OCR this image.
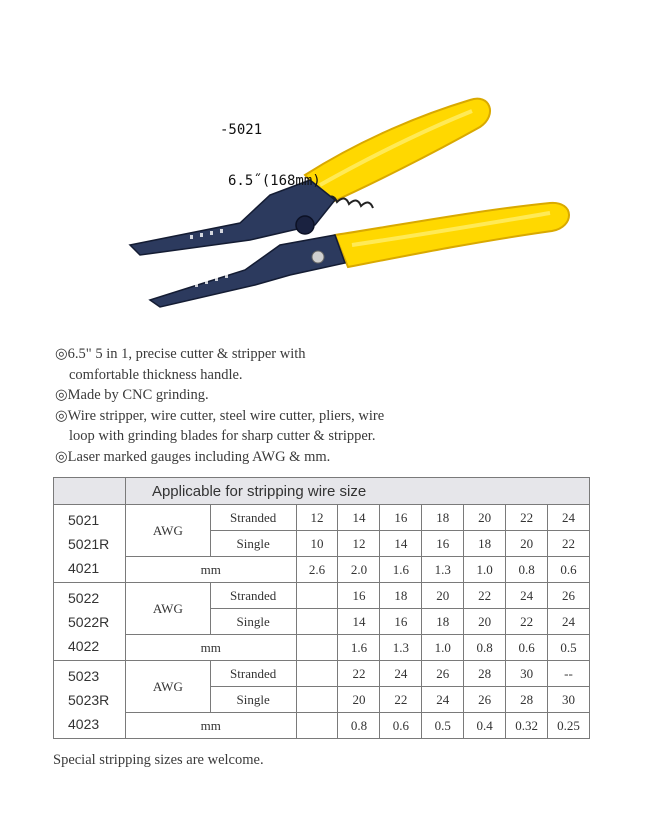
-5021

6.5˝(168mm)

◎6.5" 5 in 1, precise cutter & stripper with
comfortable thickness handle.
◎Made by CNC grinding.
◎Wire stripper, wire cutter, steel wire cutter, pliers, wire
loop with grinding blades for sharp cutter & stripper.
◎Laser marked gauges including AWG & mm.
	Applicable for stripping wire size								

5021
5021R
4021	AWG	Stranded	12	14	16	18	20	22	24
		Single	10	12	14	16	18	20	22
	mm		2.6	2.0	1.6	1.3	1.0	0.8	0.6

5022
5022R
4022	AWG	Stranded		16	18	20	22	24	26
		Single		14	16	18	20	22	24
	mm			1.6	1.3	1.0	0.8	0.6	0.5

5023
5023R
4023	AWG	Stranded		22	24	26	28	30	--
		Single		20	22	24	26	28	30
	mm			0.8	0.6	0.5	0.4	0.32	0.25
Special stripping sizes are welcome.
